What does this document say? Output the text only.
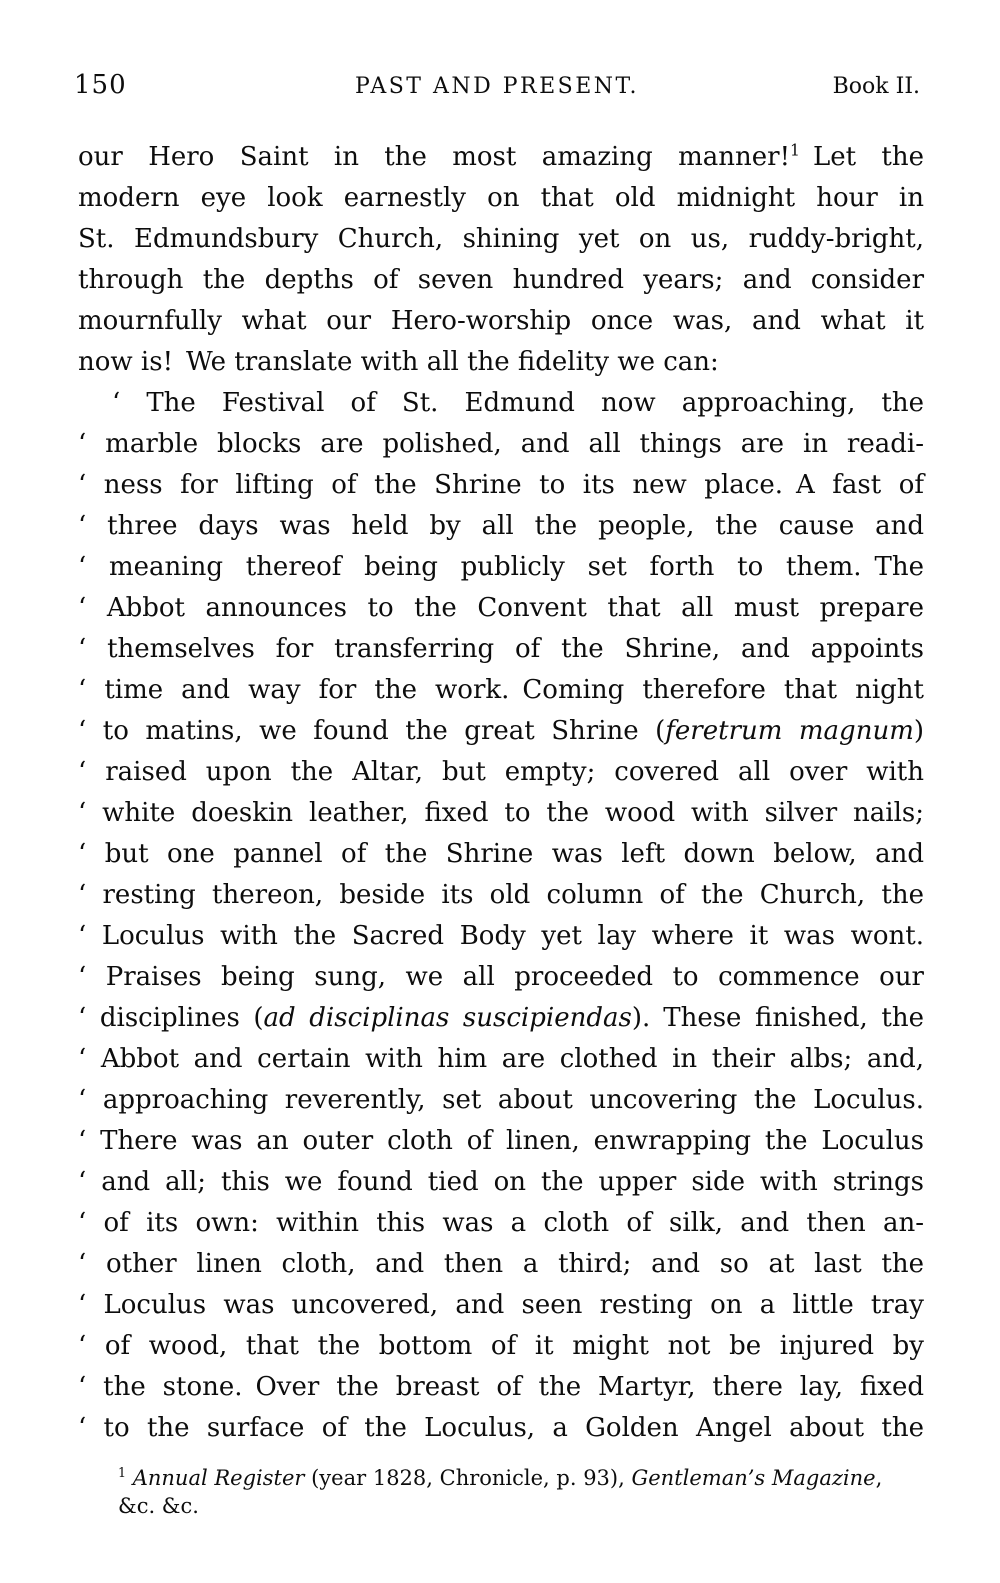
150	PAST AND PRESENT.	Book II.
our Hero Saint in the most amazing manner!$^1$ Let the
modern eye look earnestly on that old midnight hour in
St. Edmundsbury Church, shining yet on us, ruddy-bright,
through the depths of seven hundred years; and consider
mournfully what our Hero-worship once was, and what it
now is! We translate with all the fidelity we can:
‘ The Festival of St. Edmund now approaching, the
‘ marble blocks are polished, and all things are in readi-
‘ ness for lifting of the Shrine to its new place. A fast of
‘ three days was held by all the people, the cause and
‘ meaning thereof being publicly set forth to them. The
‘ Abbot announces to the Convent that all must prepare
‘ themselves for transferring of the Shrine, and appoints
‘ time and way for the work. Coming therefore that night
‘ to matins, we found the great Shrine (feretrum magnum)
‘ raised upon the Altar, but empty; covered all over with
‘ white doeskin leather, fixed to the wood with silver nails;
‘ but one pannel of the Shrine was left down below, and
‘ resting thereon, beside its old column of the Church, the
‘ Loculus with the Sacred Body yet lay where it was wont.
‘ Praises being sung, we all proceeded to commence our
‘ disciplines (ad disciplinas suscipiendas). These finished, the
‘ Abbot and certain with him are clothed in their albs; and,
‘ approaching reverently, set about uncovering the Loculus.
‘ There was an outer cloth of linen, enwrapping the Loculus
‘ and all; this we found tied on the upper side with strings
‘ of its own: within this was a cloth of silk, and then an-
‘ other linen cloth, and then a third; and so at last the
‘ Loculus was uncovered, and seen resting on a little tray
‘ of wood, that the bottom of it might not be injured by
‘ the stone. Over the breast of the Martyr, there lay, fixed
‘ to the surface of the Loculus, a Golden Angel about the
$^1$ Annual Register (year 1828, Chronicle, p. 93), Gentleman’s Magazine, &c. &c.
